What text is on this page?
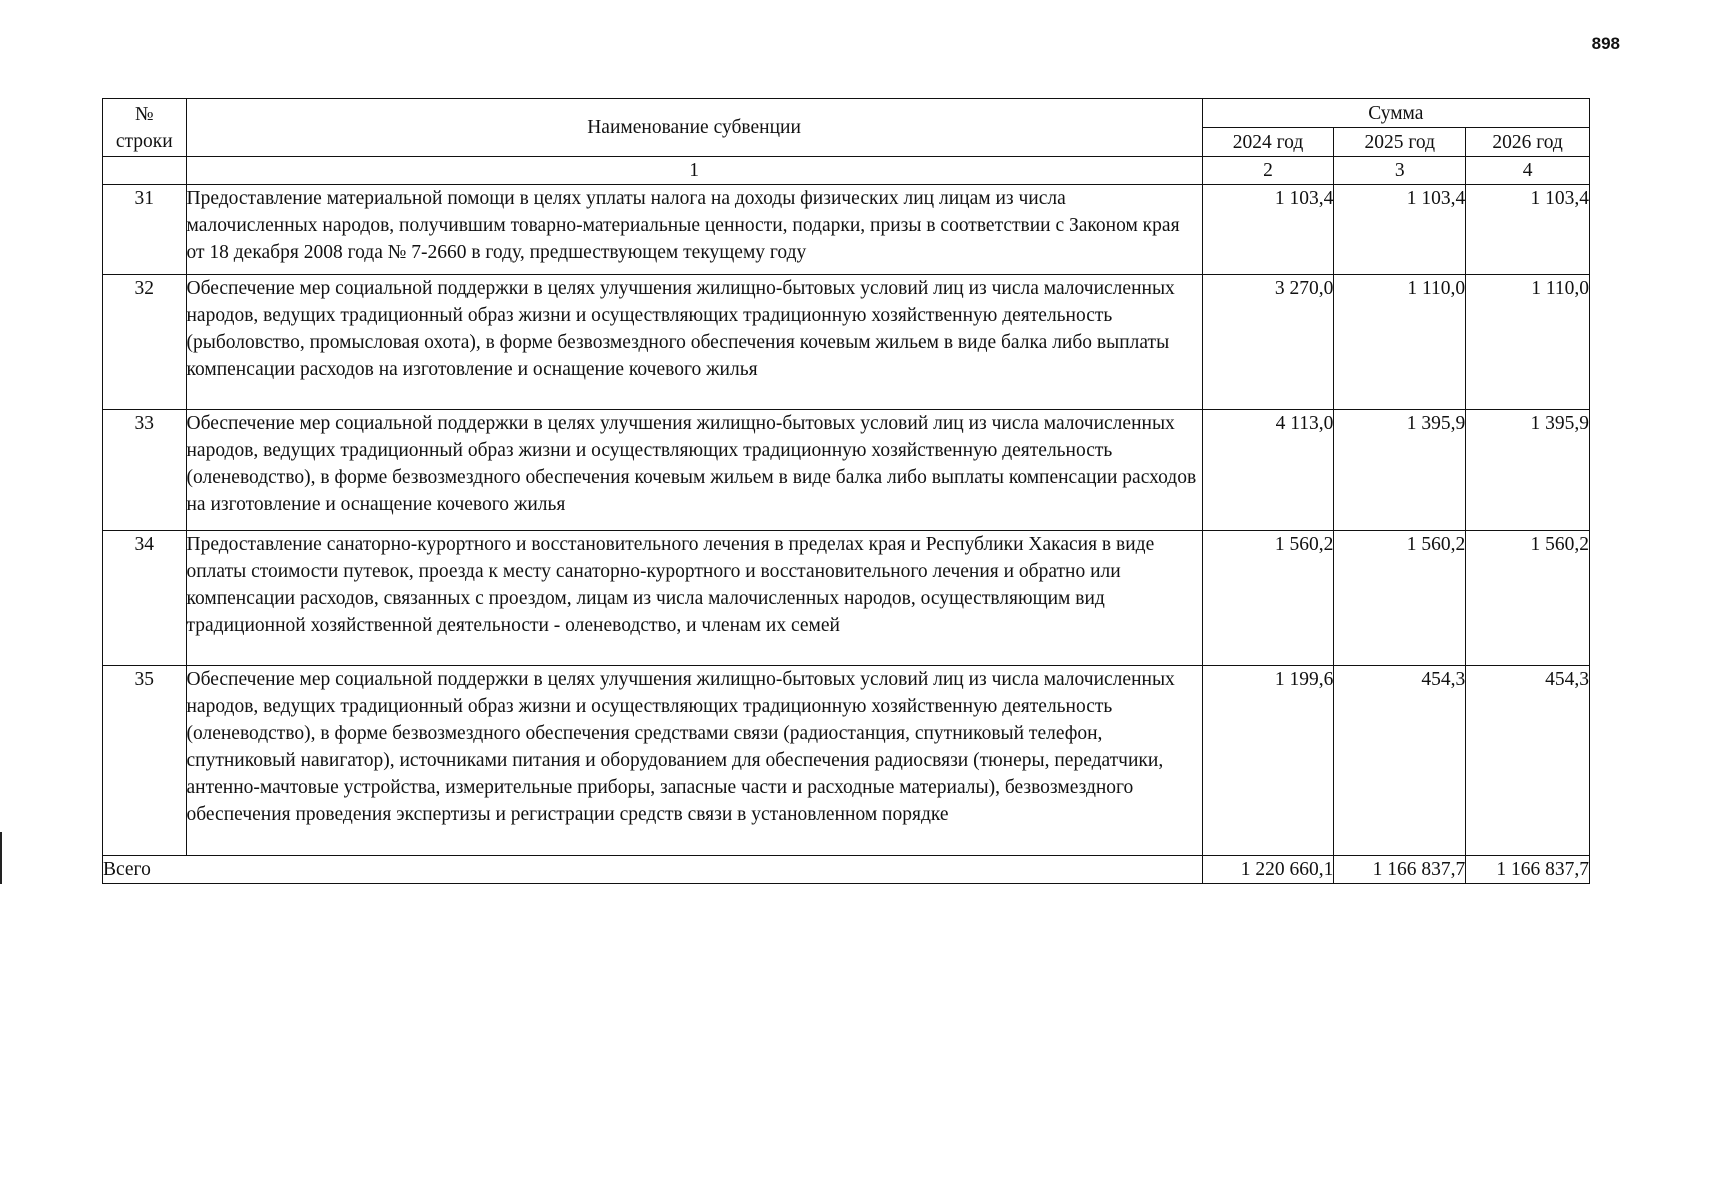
898
№
строки	Наименование субвенции	Сумма		
		2024 год	2025 год	2026 год
	1	2	3	4
31	Предоставление материальной помощи в целях уплаты налога на доходы физических лиц лицам из числа малочисленных народов, получившим товарно-материальные ценности, подарки, призы в соответствии с Законом края от 18 декабря 2008 года № 7-2660 в году, предшествующем текущему году	1 103,4	1 103,4	1 103,4
32	Обеспечение мер социальной поддержки в целях улучшения жилищно-бытовых условий лиц из числа малочисленных народов, ведущих традиционный образ жизни и осуществляющих традиционную хозяйственную деятельность (рыболовство, промысловая охота), в форме безвозмездного обеспечения кочевым жильем в виде балка либо выплаты компенсации расходов на изготовление и оснащение кочевого жилья	3 270,0	1 110,0	1 110,0
33	Обеспечение мер социальной поддержки в целях улучшения жилищно-бытовых условий лиц из числа малочисленных народов, ведущих традиционный образ жизни и осуществляющих традиционную хозяйственную деятельность (оленеводство), в форме безвозмездного обеспечения кочевым жильем в виде балка либо выплаты компенсации расходов на изготовление и оснащение кочевого жилья	4 113,0	1 395,9	1 395,9
34	Предоставление санаторно-курортного и восстановительного лечения в пределах края и Республики Хакасия в виде оплаты стоимости путевок, проезда к месту санаторно-курортного и восстановительного лечения и обратно или компенсации расходов, связанных с проездом, лицам из числа малочисленных народов, осуществляющим вид традиционной хозяйственной деятельности - оленеводство, и членам их семей	1 560,2	1 560,2	1 560,2
35	Обеспечение мер социальной поддержки в целях улучшения жилищно-бытовых условий лиц из числа малочисленных народов, ведущих традиционный образ жизни и осуществляющих традиционную хозяйственную деятельность (оленеводство), в форме безвозмездного обеспечения средствами связи (радиостанция, спутниковый телефон, спутниковый навигатор), источниками питания и оборудованием для обеспечения радиосвязи (тюнеры, передатчики, антенно-мачтовые устройства, измерительные приборы, запасные части и расходные материалы), безвозмездного обеспечения проведения экспертизы и регистрации средств связи в установленном порядке	1 199,6	454,3	454,3
Всего		1 220 660,1	1 166 837,7	1 166 837,7
